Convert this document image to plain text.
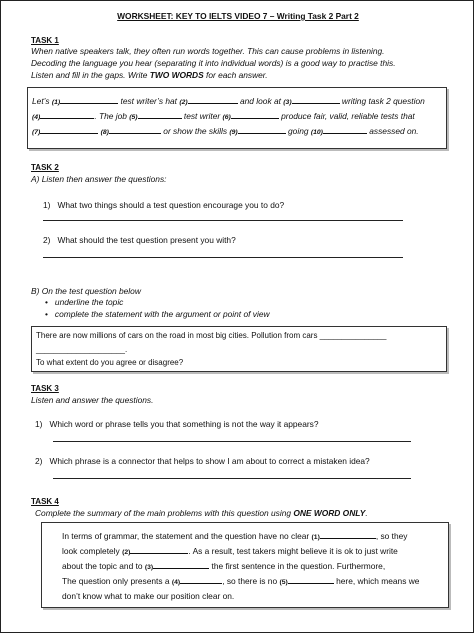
WORKSHEET: KEY TO IELTS VIDEO 7 – Writing Task 2 Part 2
TASK 1
When native speakers talk, they often run words together. This can cause problems in listening.
Decoding the language you hear (separating it into individual words) is a good way to practise this.
Listen and fill in the gaps. Write TWO WORDS for each answer.
Let’s (1)	test writer’s hat (2)	and look at (3)	writing task 2 question
(4)	. The job (5)	test writer (6)	produce fair, valid, reliable tests that
(7)	(8)	or show the skills (9)	going (10)	assessed on.
TASK 2
A) Listen then answer the questions:
1) What two things should a test question encourage you to do?
2) What should the test question present you with?
B) On the test question below
• underline the topic
• complete the statement with the argument or point of view
There are now millions of cars on the road in most big cities. Pollution from cars _______________
____________________.
To what extent do you agree or disagree?
TASK 3
Listen and answer the questions.
1) Which word or phrase tells you that something is not the way it appears?
2) Which phrase is a connector that helps to show I am about to correct a mistaken idea?
TASK 4
Complete the summary of the main problems with this question using ONE WORD ONLY.
In terms of grammar, the statement and the question have no clear (1)	, so they
look completely (2)	. As a result, test takers might believe it is ok to just write
about the topic and to (3)	the first sentence in the question. Furthermore,
The question only presents a (4)	, so there is no (5)	here, which means we
don’t know what to make our position clear on.
